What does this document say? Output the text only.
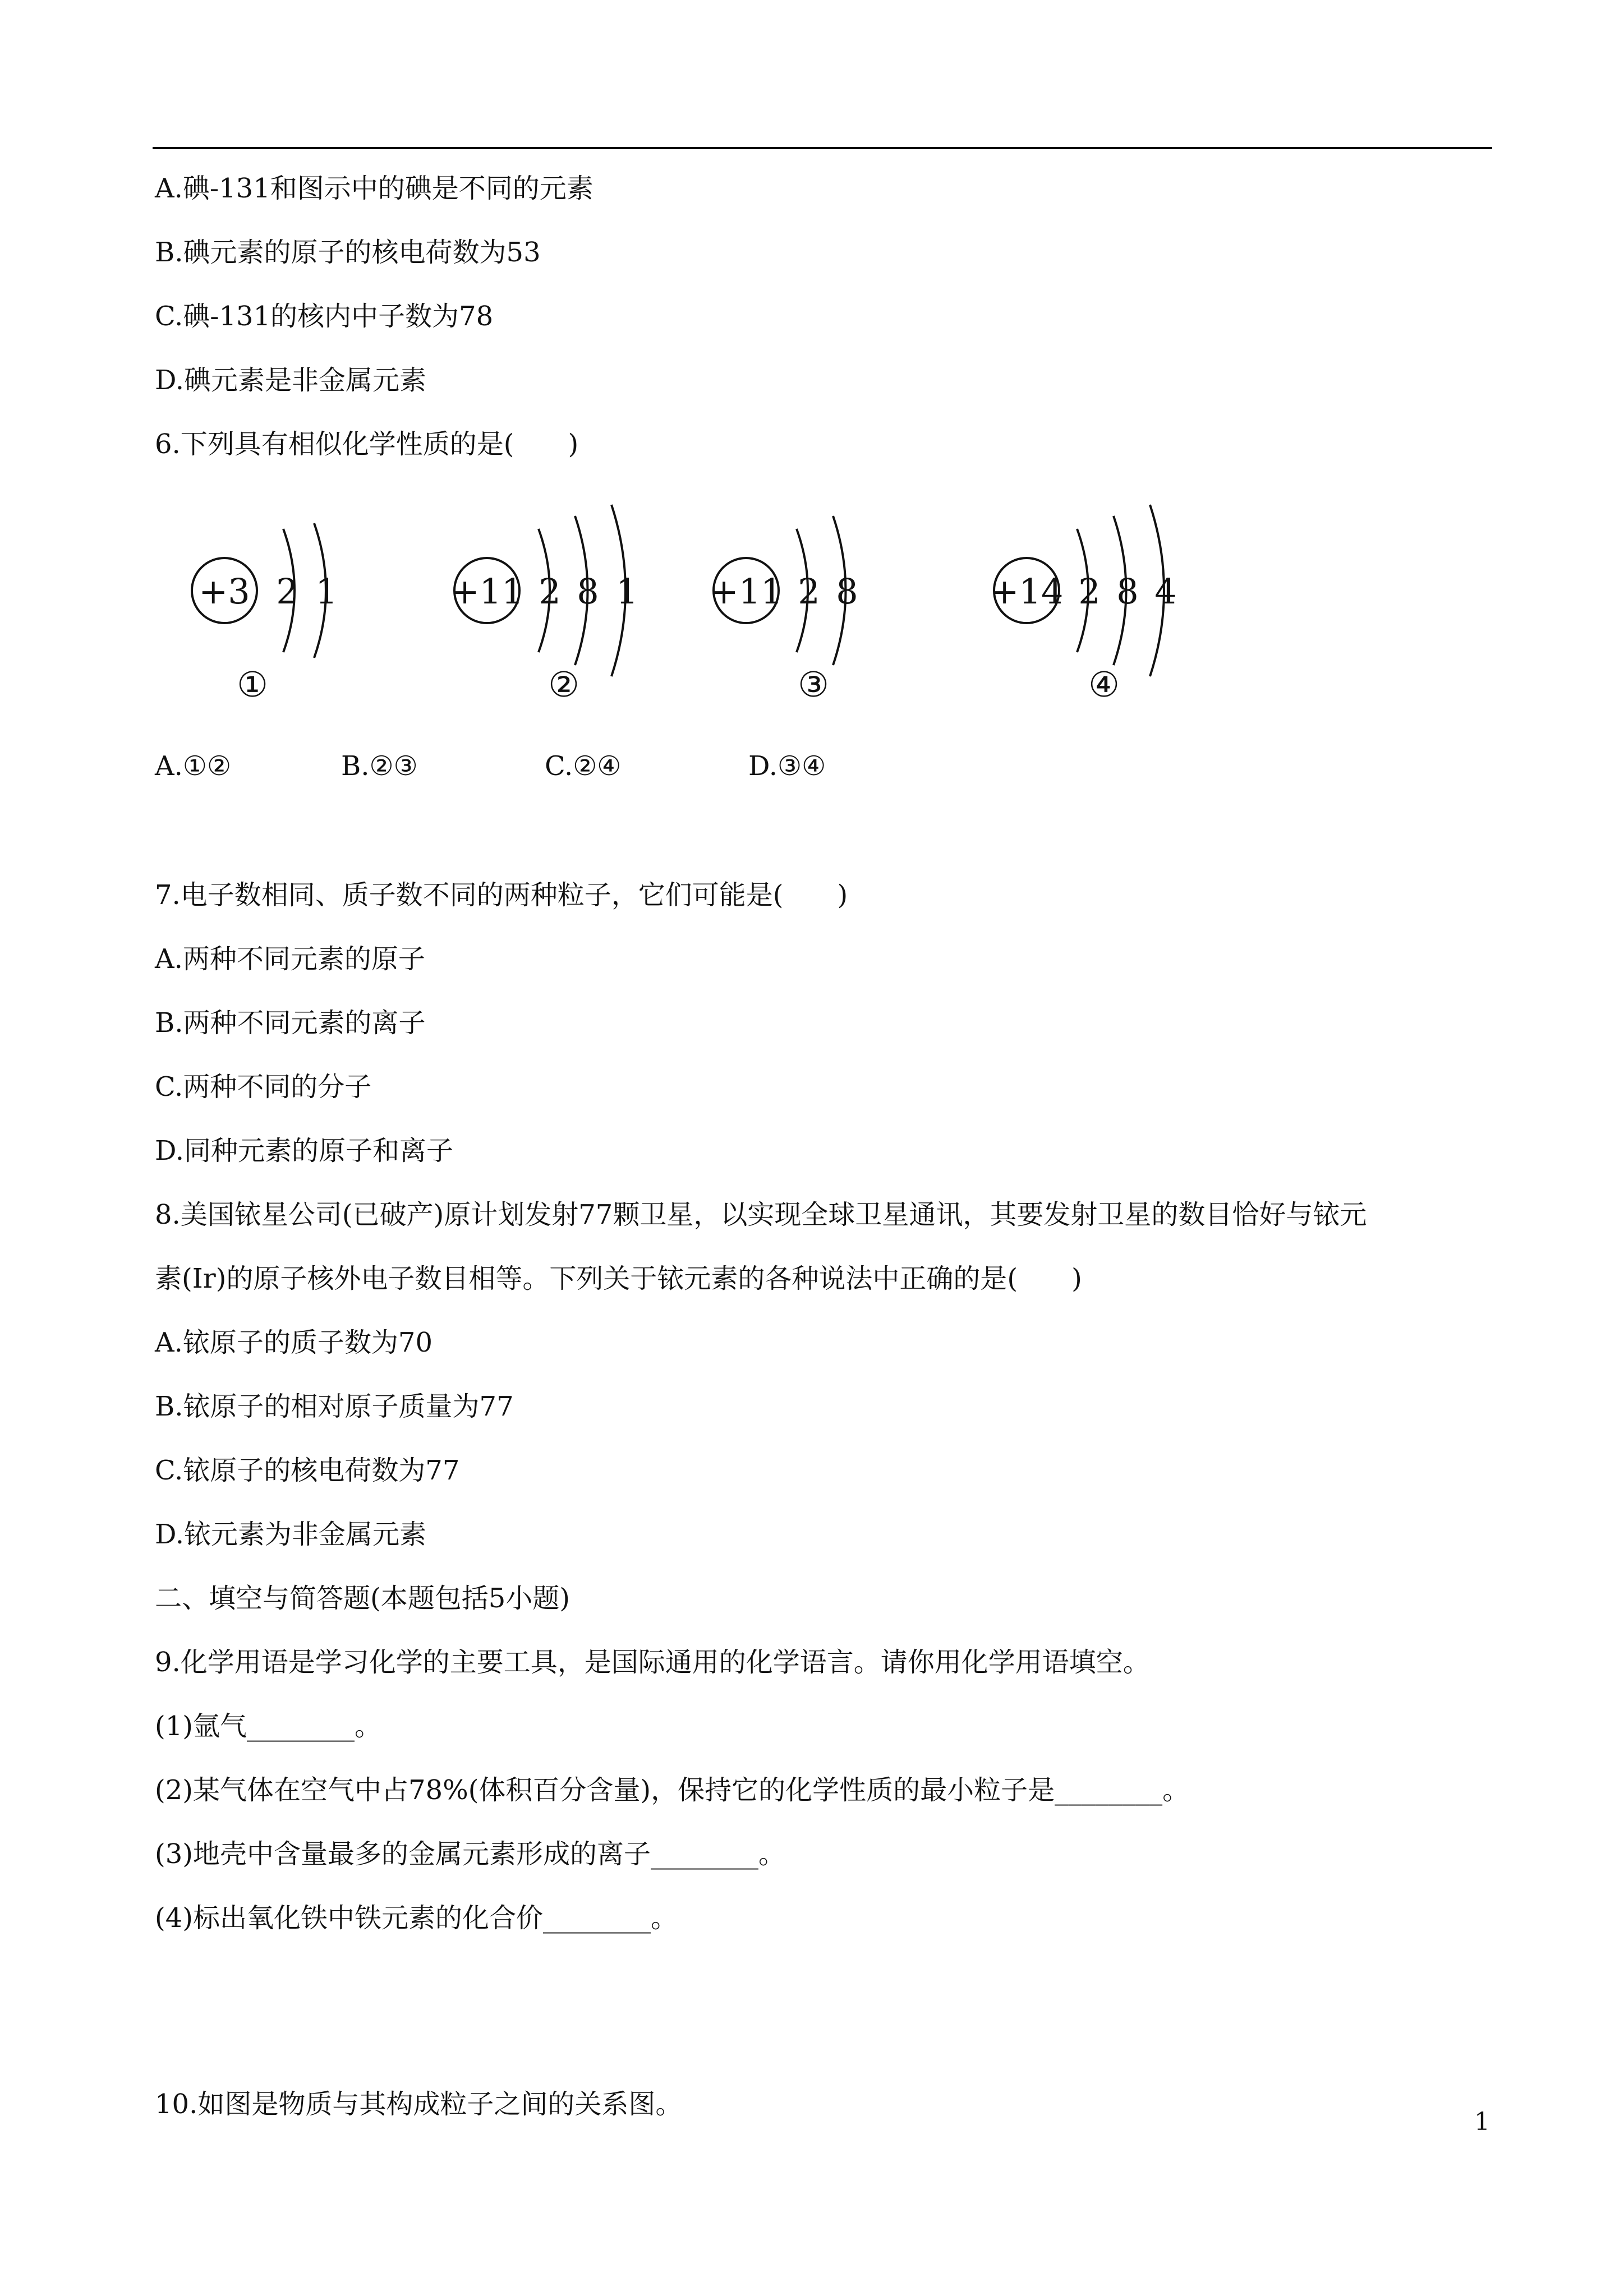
A.碘-131和图示中的碘是不同的元素

B.碘元素的原子的核电荷数为53

C.碘-131的核内中子数为78

D.碘元素是非金属元素

6.下列具有相似化学性质的是(　　)

+3 2 1
①
+11 2 8 1
②
+11 2 8
③
+14 2 8 4
④
A.①②	B.②③	C.②④	D.③④

7.电子数相同、质子数不同的两种粒子，它们可能是(　　)

A.两种不同元素的原子

B.两种不同元素的离子

C.两种不同的分子

D.同种元素的原子和离子

8.美国铱星公司(已破产)原计划发射77颗卫星，以实现全球卫星通讯，其要发射卫星的数目恰好与铱元

素(Ir)的原子核外电子数目相等。下列关于铱元素的各种说法中正确的是(　　)

A.铱原子的质子数为70

B.铱原子的相对原子质量为77

C.铱原子的核电荷数为77

D.铱元素为非金属元素

二、填空与简答题(本题包括5小题)

9.化学用语是学习化学的主要工具，是国际通用的化学语言。请你用化学用语填空。

(1)氩气________。

(2)某气体在空气中占78%(体积百分含量)，保持它的化学性质的最小粒子是________。

(3)地壳中含量最多的金属元素形成的离子________。

(4)标出氧化铁中铁元素的化合价________。

10.如图是物质与其构成粒子之间的关系图。

1
